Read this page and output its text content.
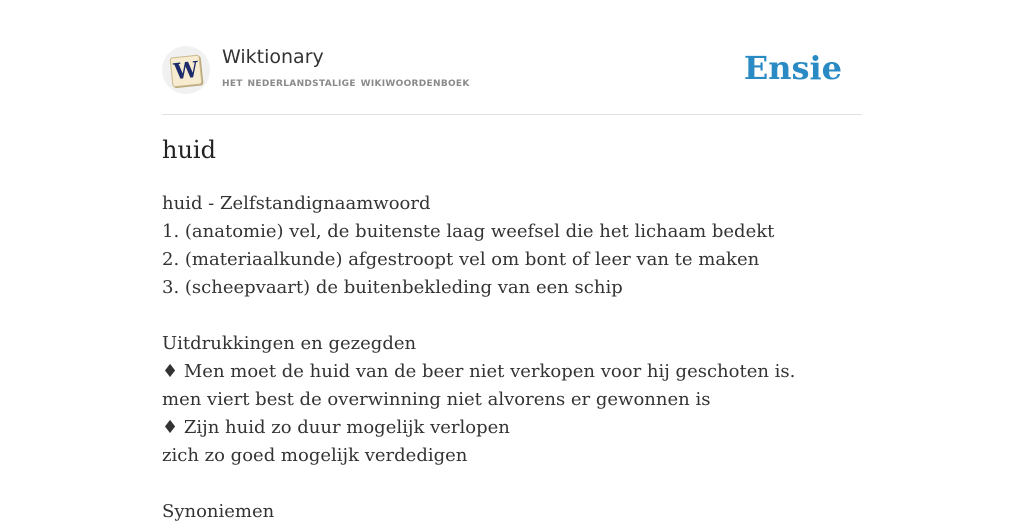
W Wiktionary
het nederlandstalige wikiwoordenboek	Ensie
huid
huid - Zelfstandignaamwoord
1. (anatomie) vel, de buitenste laag weefsel die het lichaam bedekt
2. (materiaalkunde) afgestroopt vel om bont of leer van te maken
3. (scheepvaart) de buitenbekleding van een schip
Uitdrukkingen en gezegden
♦ Men moet de huid van de beer niet verkopen voor hij geschoten is.
men viert best de overwinning niet alvorens er gewonnen is
♦ Zijn huid zo duur mogelijk verlopen
zich zo goed mogelijk verdedigen
Synoniemen
